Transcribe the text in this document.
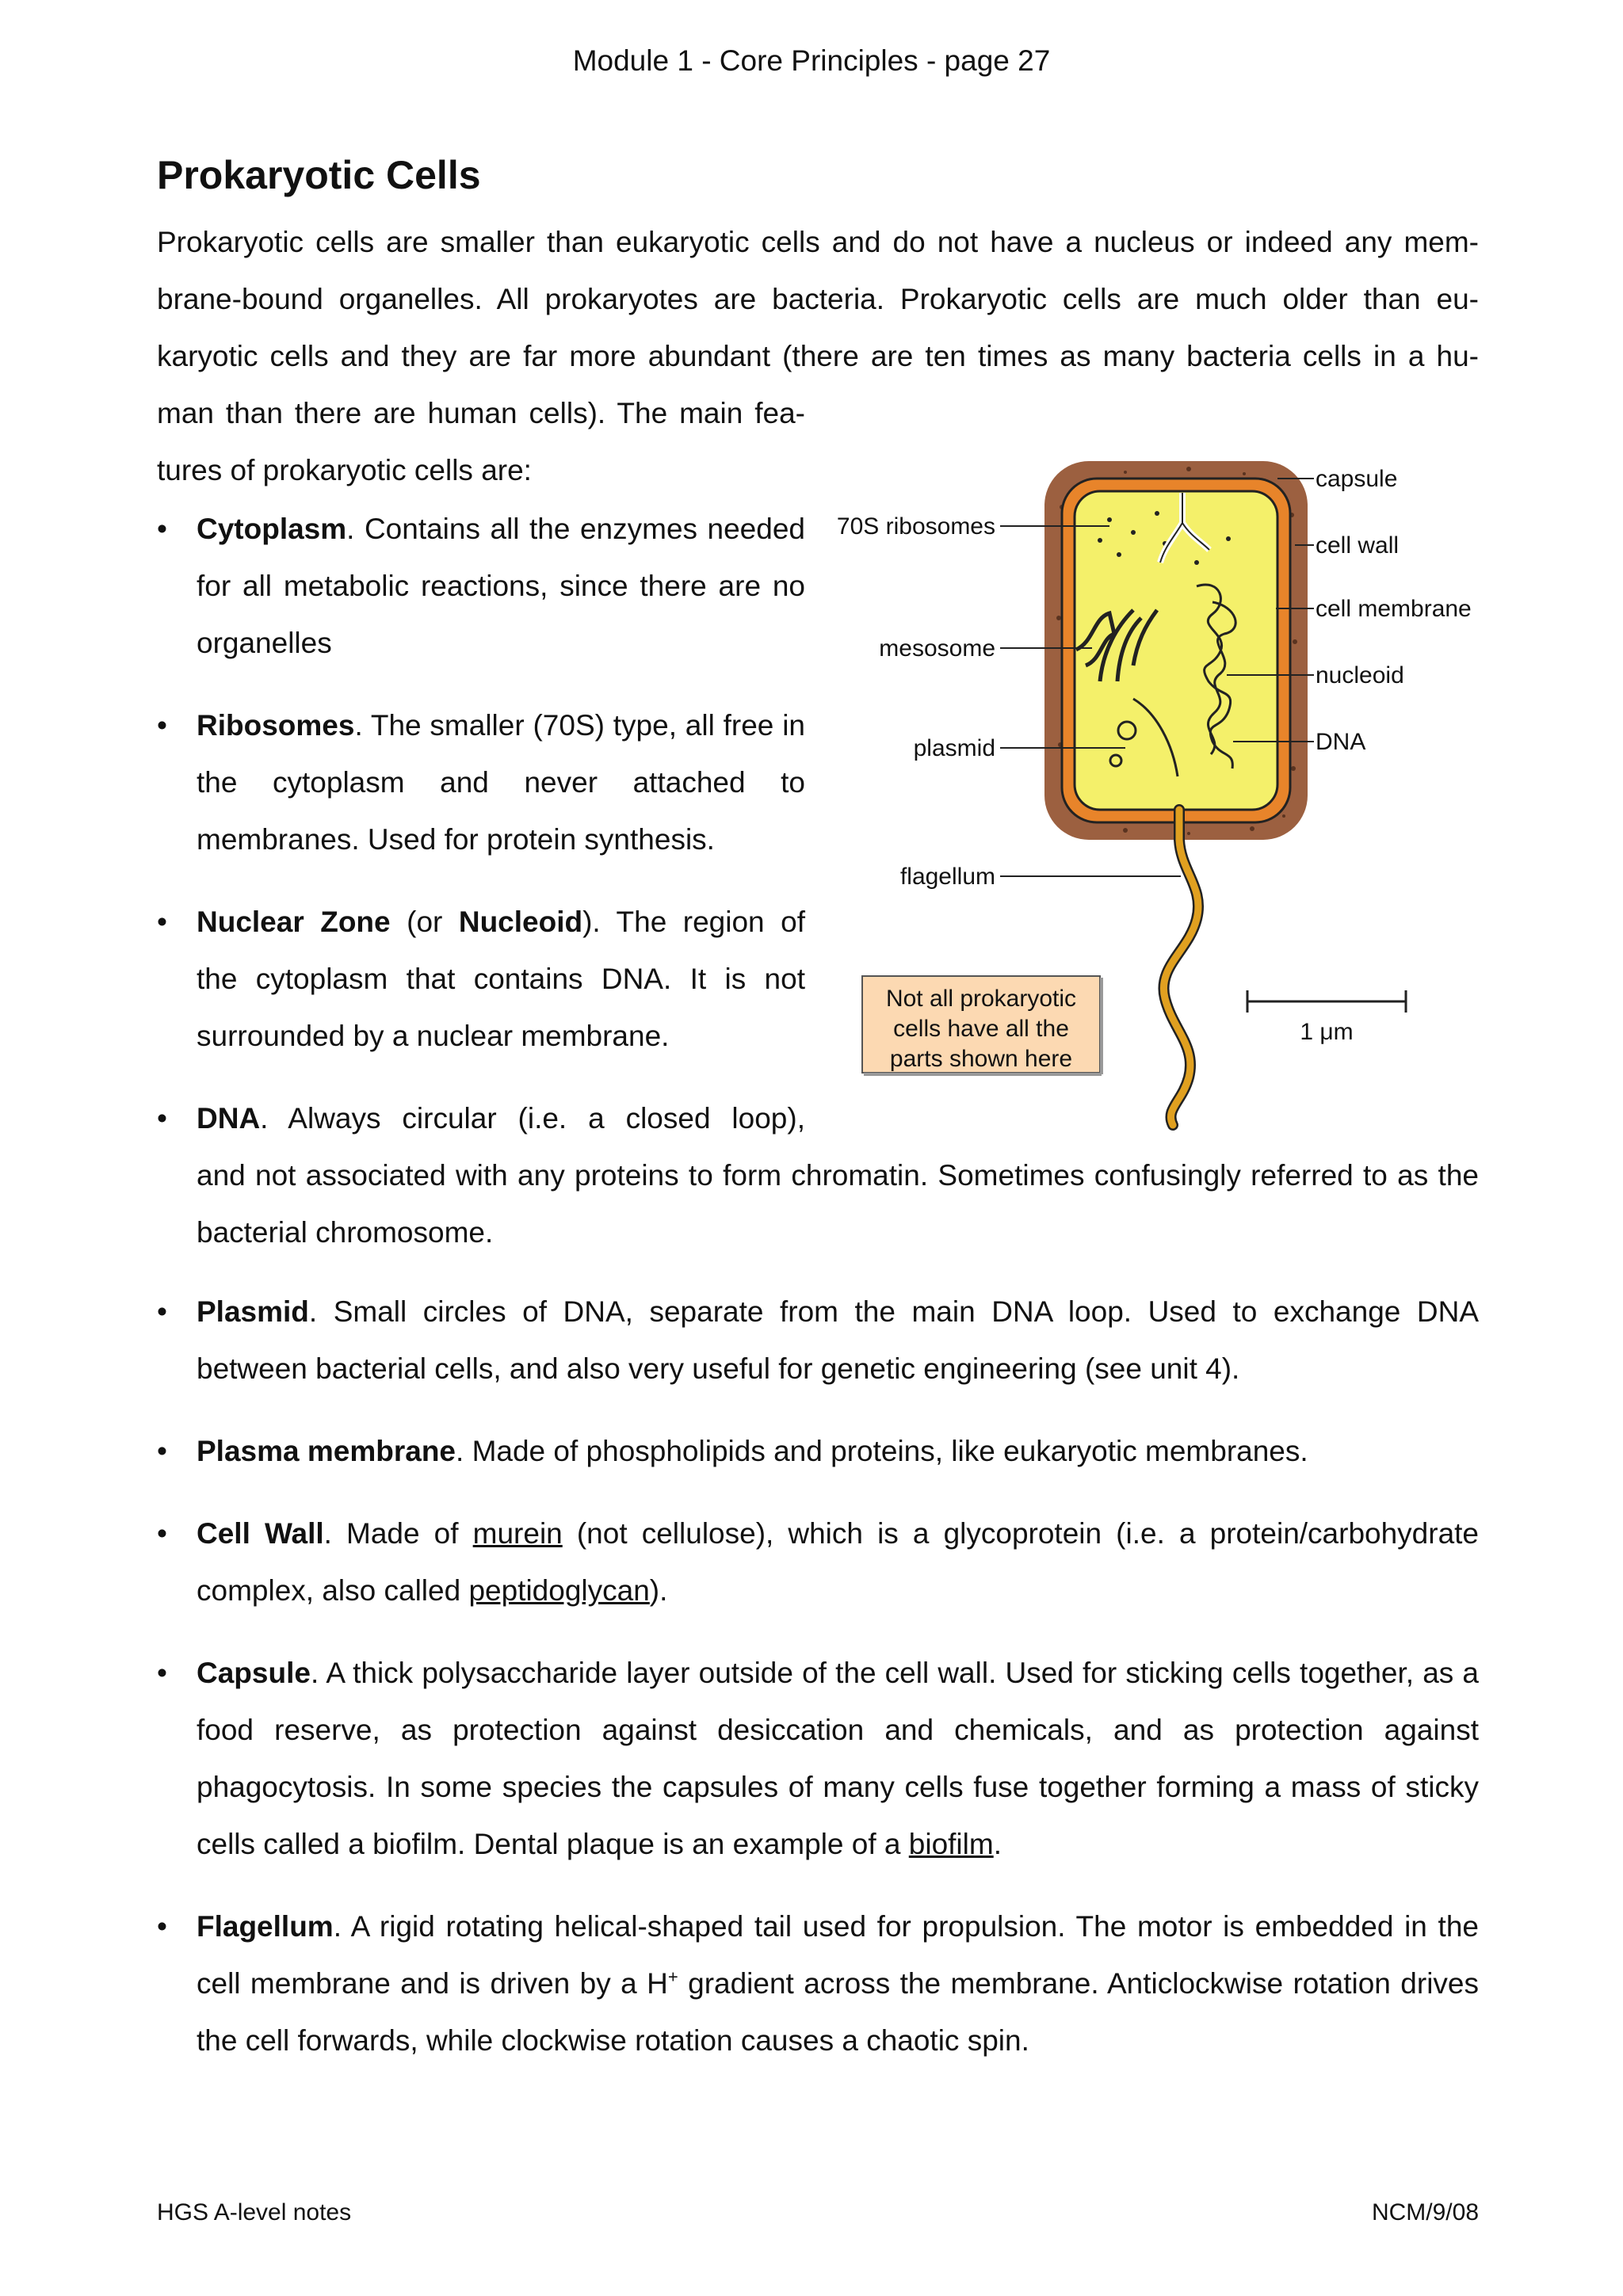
Module 1 - Core Principles - page 27
Prokaryotic Cells

Prokaryotic cells are smaller than eukaryotic cells and do not have a nucleus or indeed any mem-

brane-bound organelles. All prokaryotes are bacteria. Prokaryotic cells are much older than eu-

karyotic cells and they are far more abundant (there are ten times as many bacteria cells in a hu-

man than there are human cells). The main fea-

tures of prokaryotic cells are:

•	Cytoplasm. Contains all the enzymes needed for all metabolic reactions, since there are no organelles
•	Ribosomes. The smaller (70S) type, all free in the cytoplasm and never attached to membranes. Used for protein synthesis.
•	Nuclear Zone (or Nucleoid). The region of the cytoplasm that contains DNA. It is not surrounded by a nuclear membrane.
•	DNA. Always circular (i.e. a closed loop),
and not associated with any proteins to form chromatin. Sometimes confusingly referred to as the bacterial chromosome.
•	Plasmid. Small circles of DNA, separate from the main DNA loop. Used to exchange DNA between bacterial cells, and also very useful for genetic engineering (see unit 4).
•	Plasma membrane. Made of phospholipids and proteins, like eukaryotic membranes.
•	Cell Wall. Made of murein (not cellulose), which is a glycoprotein (i.e. a protein/carbohydrate complex, also called peptidoglycan).
•	Capsule. A thick polysaccharide layer outside of the cell wall. Used for sticking cells together, as a food reserve, as protection against desiccation and chemicals, and as protection against phagocytosis. In some species the capsules of many cells fuse together forming a mass of sticky cells called a biofilm. Dental plaque is an example of a biofilm.
•	Flagellum. A rigid rotating helical-shaped tail used for propulsion. The motor is embedded in the cell membrane and is driven by a H+ gradient across the membrane. Anticlockwise rotation drives the cell forwards, while clockwise rotation causes a chaotic spin.
70S ribosomes
mesosome
plasmid
flagellum
capsule
cell wall
cell membrane
nucleoid
DNA
Not all prokaryotic
cells have all the
parts shown here
1 μm
HGS A-level notes	NCM/9/08
